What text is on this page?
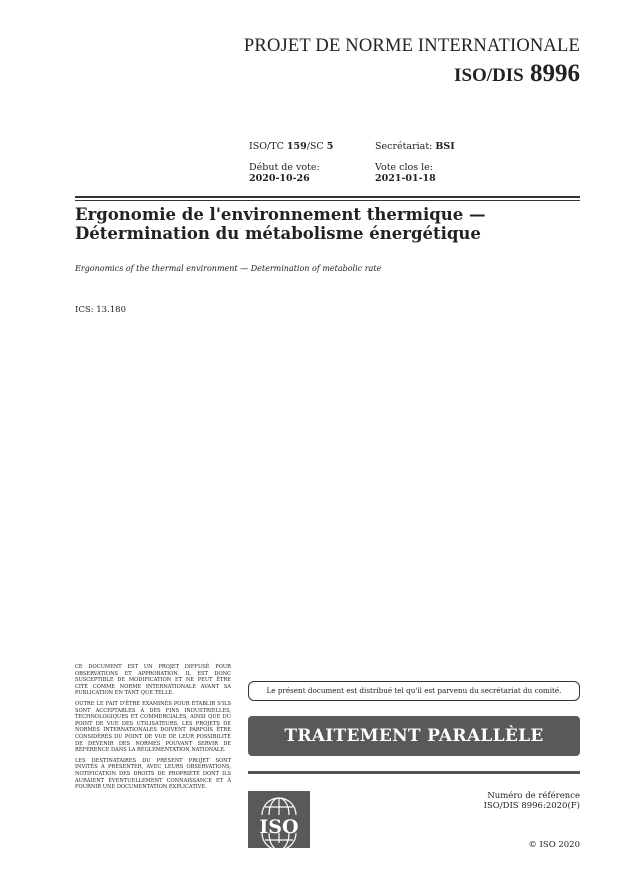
PROJET DE NORME INTERNATIONALE
ISO/DIS 8996
ISO/TC 159/SC 5	Secrétariat: BSI
Début de vote:
2020-10-26
Vote clos le:
2021-01-18
Ergonomie de l'environnement thermique —
Détermination du métabolisme énergétique
Ergonomics of the thermal environment — Determination of metabolic rate
ICS: 13.180

CE DOCUMENT EST UN PROJET DIFFUSÉ POUR OBSERVATIONS ET APPROBATION. IL EST DONC SUSCEPTIBLE DE MODIFICATION ET NE PEUT ÊTRE CITÉ COMME NORME INTERNATIONALE AVANT SA PUBLICATION EN TANT QUE TELLE.

OUTRE LE FAIT D'ÊTRE EXAMINÉS POUR ÉTABLIR S'ILS SONT ACCEPTABLES À DES FINS INDUSTRIELLES, TECHNOLOGIQUES ET COMMERCIALES, AINSI QUE DU POINT DE VUE DES UTILISATEURS, LES PROJETS DE NORMES INTERNATIONALES DOIVENT PARFOIS ÊTRE CONSIDÉRÉS DU POINT DE VUE DE LEUR POSSIBILITÉ DE DEVENIR DES NORMES POUVANT SERVIR DE RÉFÉRENCE DANS LA RÉGLEMENTATION NATIONALE.

LES DESTINATAIRES DU PRÉSENT PROJET SONT INVITÉS À PRÉSENTER, AVEC LEURS OBSERVATIONS, NOTIFICATION DES DROITS DE PROPRIÉTÉ DONT ILS AURAIENT ÉVENTUELLEMENT CONNAISSANCE ET À FOURNIR UNE DOCUMENTATION EXPLICATIVE.

Le présent document est distribué tel qu'il est parvenu du secrétariat du comité.
TRAITEMENT PARALLÈLE ISO/CEN
ISO
Numéro de référence
ISO/DIS 8996:2020(F)
© ISO 2020
